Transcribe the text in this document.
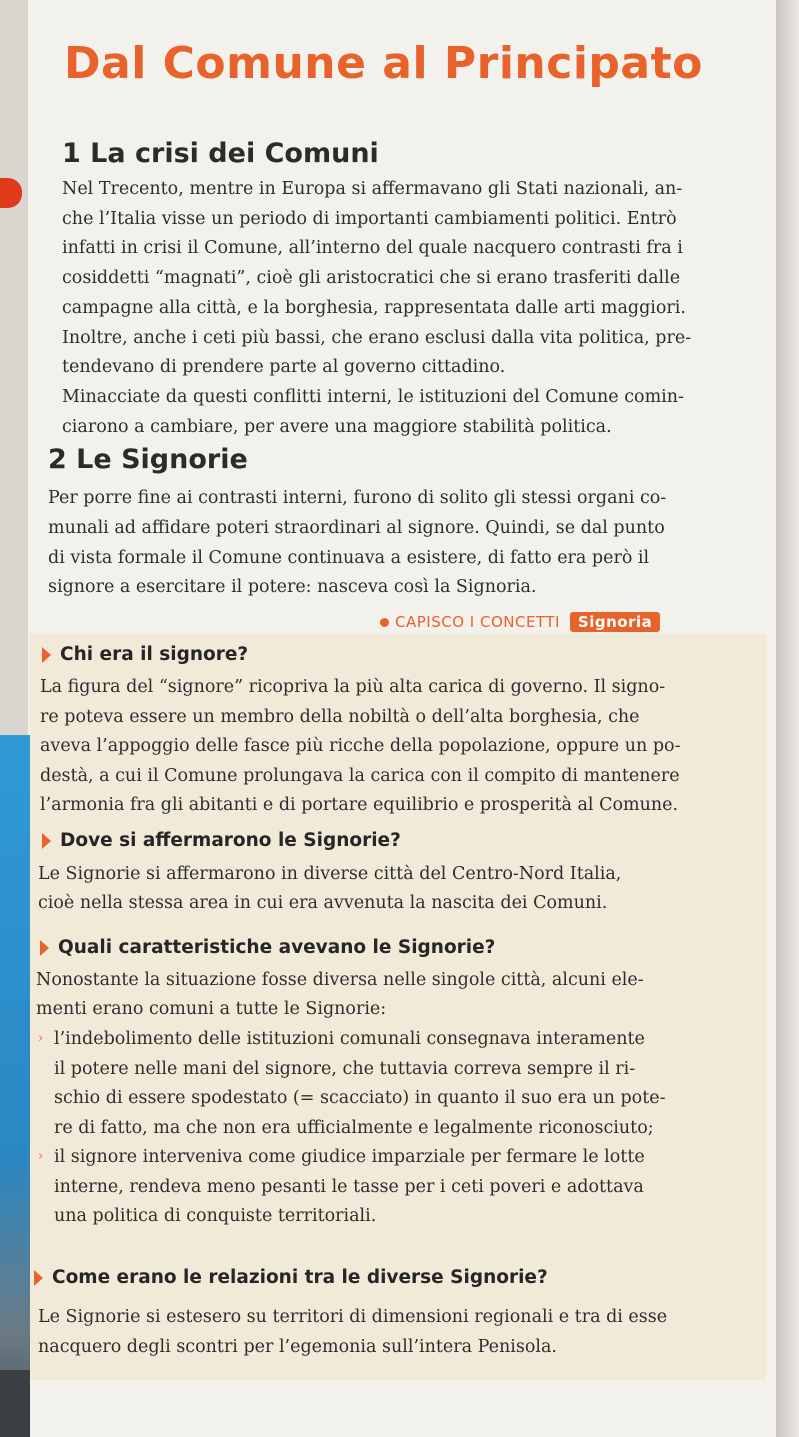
Dal Comune al Principato
1 La crisi dei Comuni

Nel Trecento, mentre in Europa si affermavano gli Stati nazionali, an-

che l’Italia visse un periodo di importanti cambiamenti politici. Entrò

infatti in crisi il Comune, all’interno del quale nacquero contrasti fra i

cosiddetti “magnati”, cioè gli aristocratici che si erano trasferiti dalle

campagne alla città, e la borghesia, rappresentata dalle arti maggiori.

Inoltre, anche i ceti più bassi, che erano esclusi dalla vita politica, pre-

tendevano di prendere parte al governo cittadino.

Minacciate da questi conflitti interni, le istituzioni del Comune comin-

ciarono a cambiare, per avere una maggiore stabilità politica.

2 Le Signorie

Per porre fine ai contrasti interni, furono di solito gli stessi organi co-

munali ad affidare poteri straordinari al signore. Quindi, se dal punto

di vista formale il Comune continuava a esistere, di fatto era però il

signore a esercitare il potere: nasceva così la Signoria.

CAPISCO I CONCETTI	Signoria
Chi era il signore?

La figura del “signore” ricopriva la più alta carica di governo. Il signo-

re poteva essere un membro della nobiltà o dell’alta borghesia, che

aveva l’appoggio delle fasce più ricche della popolazione, oppure un po-

destà, a cui il Comune prolungava la carica con il compito di mantenere

l’armonia fra gli abitanti e di portare equilibrio e prosperità al Comune.

Dove si affermarono le Signorie?

Le Signorie si affermarono in diverse città del Centro-Nord Italia,

cioè nella stessa area in cui era avvenuta la nascita dei Comuni.

Quali caratteristiche avevano le Signorie?

Nonostante la situazione fosse diversa nelle singole città, alcuni ele-

menti erano comuni a tutte le Signorie:

› l’indebolimento delle istituzioni comunali consegnava interamente

il potere nelle mani del signore, che tuttavia correva sempre il ri-

schio di essere spodestato (= scacciato) in quanto il suo era un pote-

re di fatto, ma che non era ufficialmente e legalmente riconosciuto;

› il signore interveniva come giudice imparziale per fermare le lotte

interne, rendeva meno pesanti le tasse per i ceti poveri e adottava

una politica di conquiste territoriali.

Come erano le relazioni tra le diverse Signorie?

Le Signorie si estesero su territori di dimensioni regionali e tra di esse

nacquero degli scontri per l’egemonia sull’intera Penisola.
